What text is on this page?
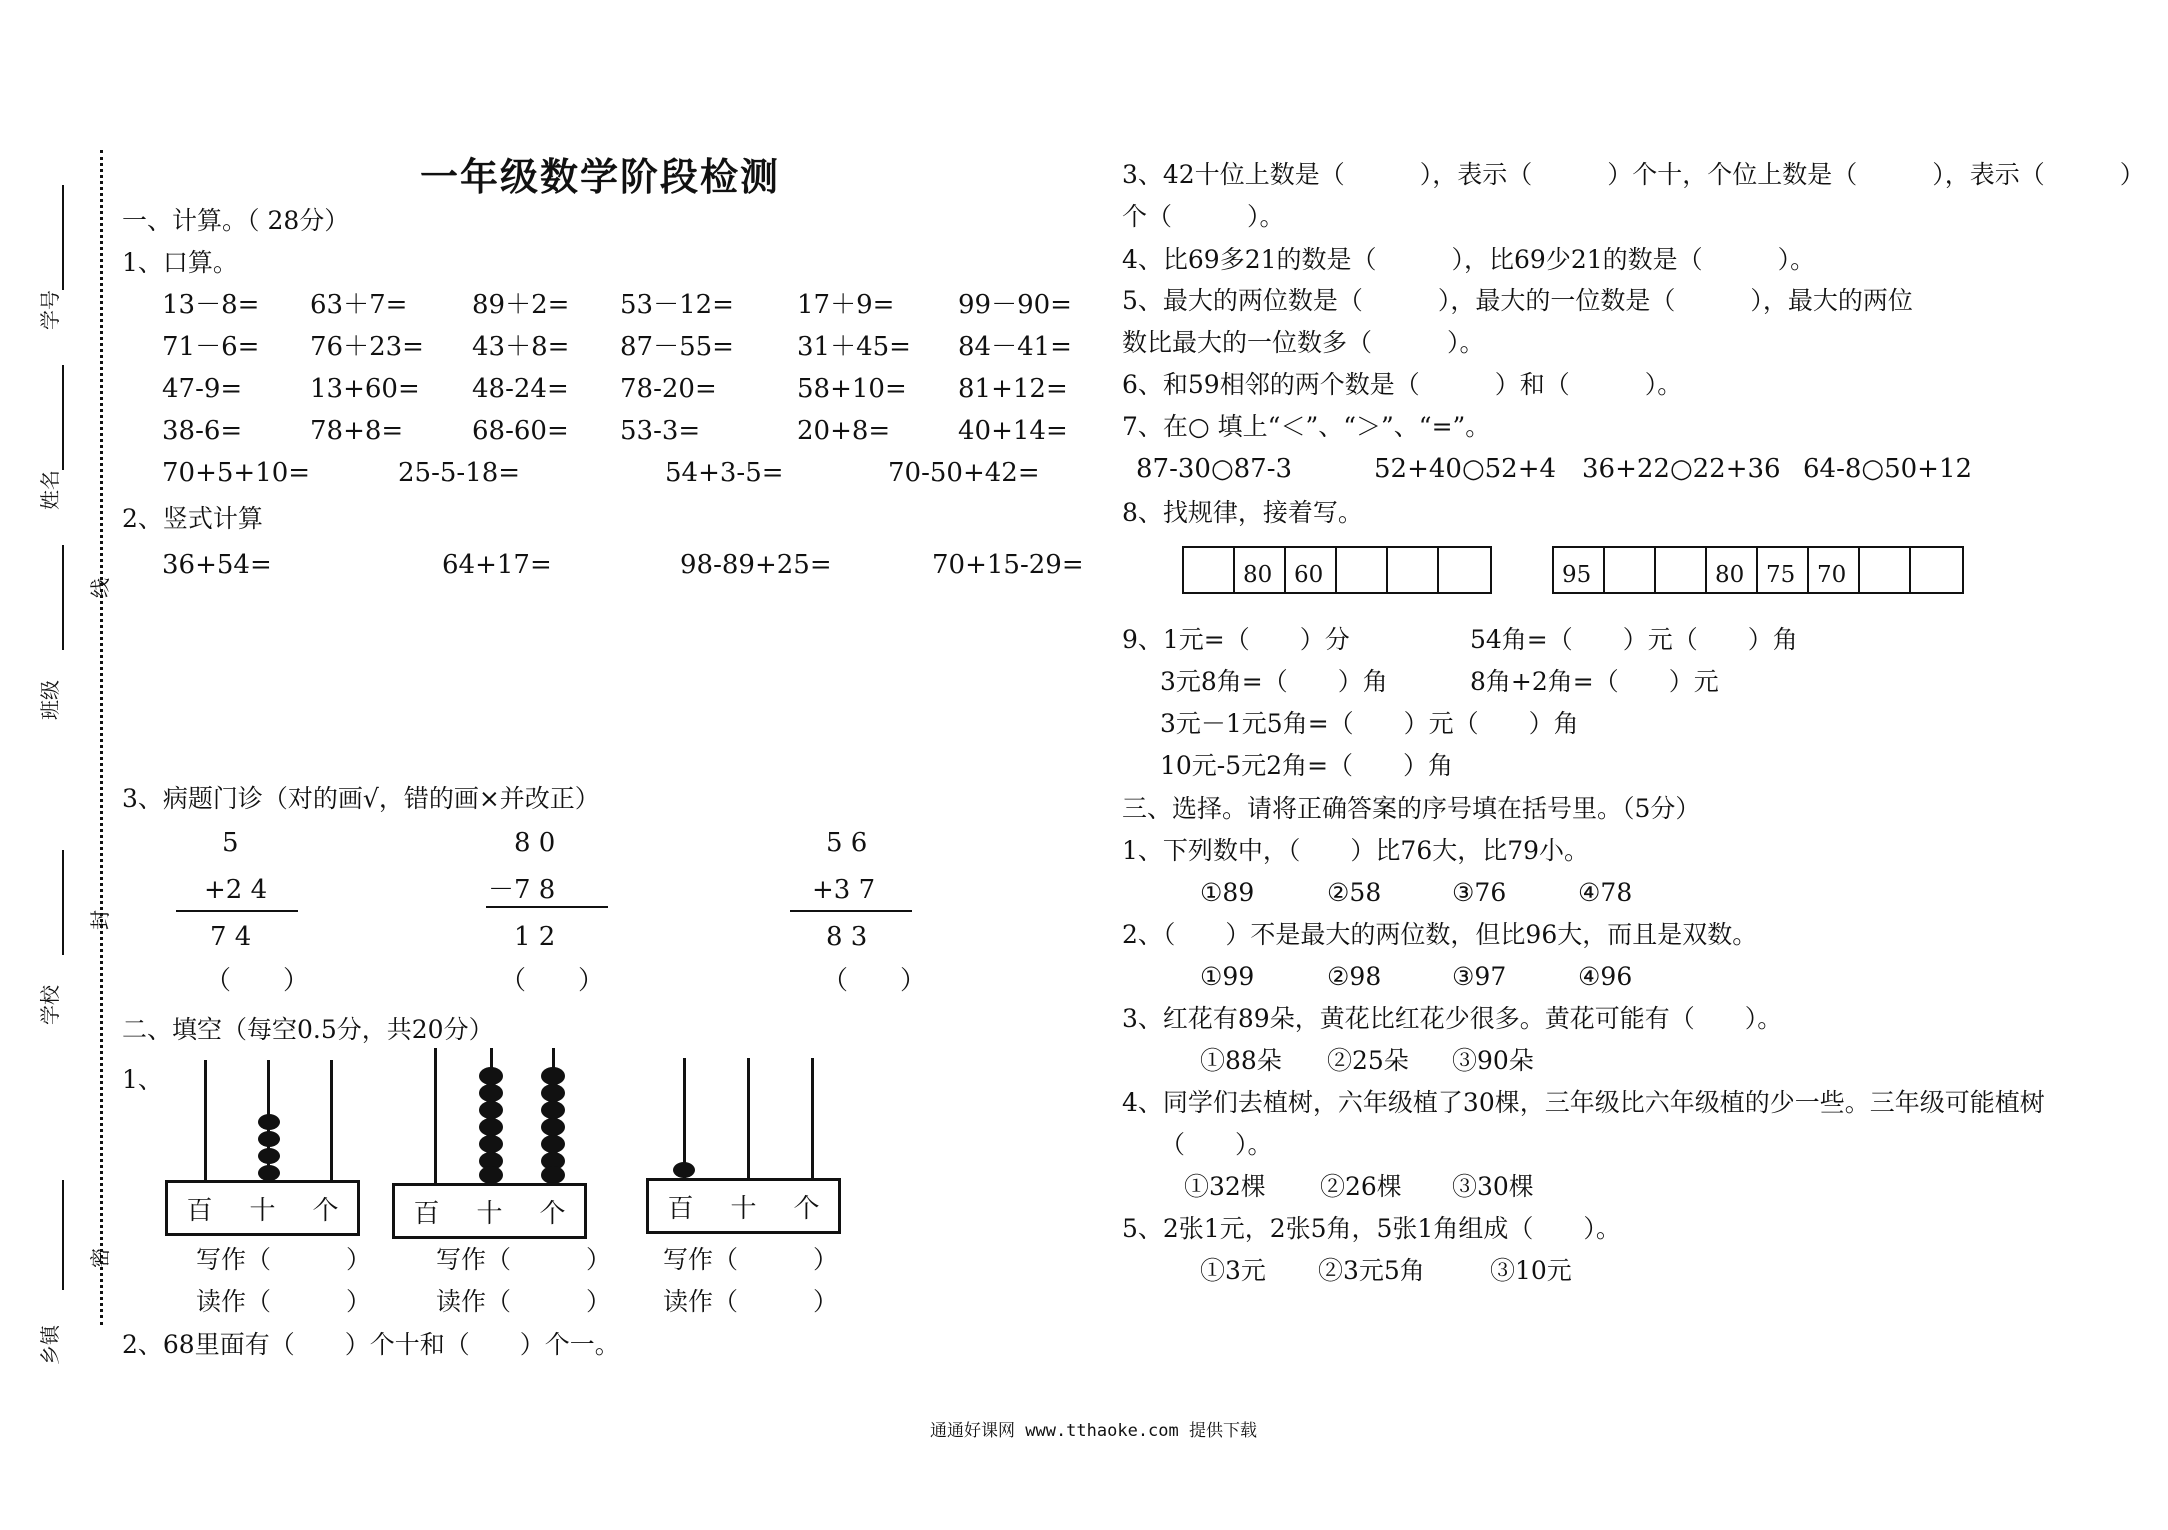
学号
姓名
班级
学校
乡镇
线
封
密
一年级数学阶段检测
一、计算。（ 28分）
1、口算。
13－8= 63＋7= 89＋2= 53－12= 17＋9= 99－90=
71－6= 76＋23= 43＋8= 87－55= 31＋45= 84－41=
47-9=	13+60= 48-24= 78-20=	58+10= 81+12=
38-6=	78+8=	68-60= 53-3=	20+8=	40+14=
70+5+10=	25-5-18=	54+3-5=	70-50+42=
2、竖式计算
36+54=	64+17=	98-89+25=	70+15-29=
3、病题门诊（对的画√，错的画×并改正）
5
+2 4
7 4
（　　）
8 0
－7 8
1 2
（　　）
5 6
+3 7
8 3
（　　）
二、填空（每空0.5分，共20分）
1、
百 十 个
写作（　　　）
读作（　　　）
百 十 个
写作（　　　）
读作（　　　）
百 十 个
写作（　　　）
读作（　　　）
2、68里面有（　　）个十和（　　）个一。
3、42十位上数是（　　　），表示（　　　）个十，个位上数是（　　　），表示（　　　）
个（　　　）。
4、比69多21的数是（　　　），比69少21的数是（　　　）。
5、最大的两位数是（　　　），最大的一位数是（　　　），最大的两位
数比最大的一位数多（　　　）。
6、和59相邻的两个数是（　　　）和（　　　）。
7、在○ 填上“＜”、“＞”、“=”。
87-30○87-3	52+40○52+4 36+22○22+36 64-8○50+12
8、找规律，接着写。
80 60	95	80 75 70
9、1元=（　　）分	54角=（　　）元（　　）角
3元8角=（　　）角	8角+2角=（　　）元
3元－1元5角=（　　）元（　　）角
10元-5元2角=（　　）角
三、选择。请将正确答案的序号填在括号里。（5分）
1、下列数中，（　　）比76大，比79小。
①89	②58	③76	④78
2、（　　）不是最大的两位数，但比96大，而且是双数。
①99	②98	③97	④96
3、红花有89朵，黄花比红花少很多。黄花可能有（　　）。
①88朵 ②25朵 ③90朵
4、同学们去植树，六年级植了30棵，三年级比六年级植的少一些。三年级可能植树
（　　）。
①32棵 ②26棵 ③30棵
5、2张1元，2张5角，5张1角组成（　　）。
①3元 ②3元5角	③10元
通通好课网 www.tthaoke.com 提供下载
